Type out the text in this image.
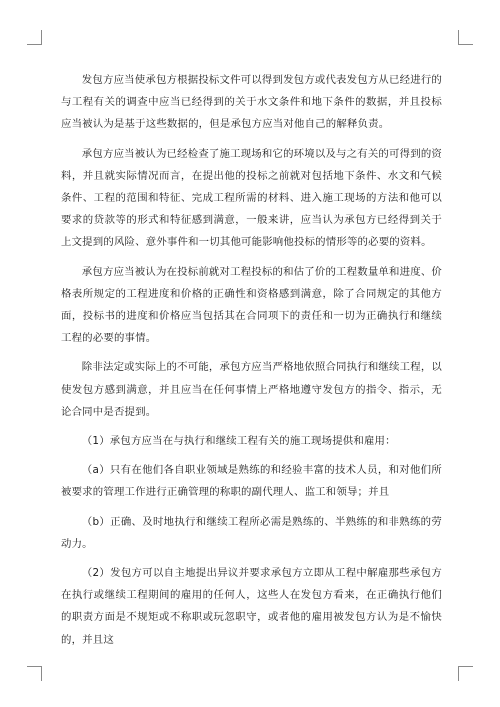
发包方应当使承包方根据投标文件可以得到发包方或代表发包方从已经进行的与工程有关的调查中应当已经得到的关于水文条件和地下条件的数据，并且投标应当被认为是基于这些数据的，但是承包方应当对他自己的解释负责。

承包方应当被认为已经检查了施工现场和它的环境以及与之有关的可得到的资料，并且就实际情况而言，在提出他的投标之前就对包括地下条件、水文和气候条件、工程的范围和特征、完成工程所需的材料、进入施工现场的方法和他可以要求的贷款等的形式和特征感到满意，一般来讲，应当认为承包方已经得到关于上文提到的风险、意外事件和一切其他可能影响他投标的情形等的必要的资料。

承包方应当被认为在投标前就对工程投标的和估了价的工程数量单和进度、价格表所规定的工程进度和价格的正确性和资格感到满意，除了合同规定的其他方面，投标书的进度和价格应当包括其在合同项下的责任和一切为正确执行和继续工程的必要的事情。

除非法定或实际上的不可能，承包方应当严格地依照合同执行和继续工程，以使发包方感到满意，并且应当在任何事情上严格地遵守发包方的指令、指示，无论合同中是否提到。

（1）承包方应当在与执行和继续工程有关的施工现场提供和雇用：

（a）只有在他们各自职业领域是熟练的和经验丰富的技术人员，和对他们所被要求的管理工作进行正确管理的称职的副代理人、监工和领导；并且

（b）正确、及时地执行和继续工程所必需是熟练的、半熟练的和非熟练的劳动力。

（2）发包方可以自主地提出异议并要求承包方立即从工程中解雇那些承包方在执行或继续工程期间的雇用的任何人，这些人在发包方看来，在正确执行他们的职责方面是不规矩或不称职或玩忽职守，或者他的雇用被发包方认为是不愉快的，并且这
